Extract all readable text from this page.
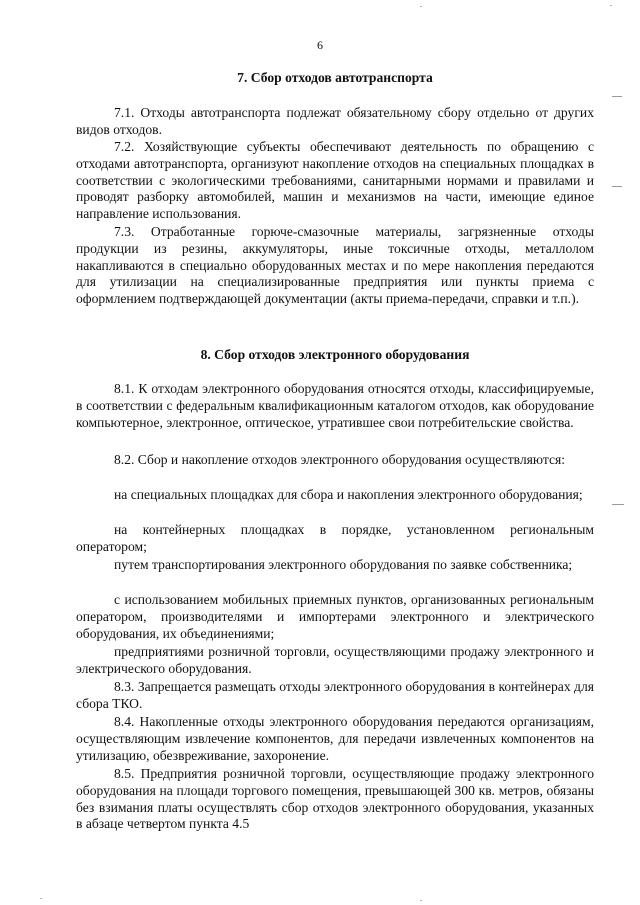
6
7. Сбор отходов автотранспорта

7.1. Отходы автотранспорта подлежат обязательному сбору отдельно от других видов отходов.

7.2. Хозяйствующие субъекты обеспечивают деятельность по обращению с отходами автотранспорта, организуют накопление отходов на специальных площадках в соответствии с экологическими требованиями, санитарными нормами и правилами и проводят разборку автомобилей, машин и механизмов на части, имеющие единое направление использования.

7.3. Отработанные горюче-смазочные материалы, загрязненные отходы продукции из резины, аккумуляторы, иные токсичные отходы, металлолом накапливаются в специально оборудованных местах и по мере накопления передаются для утилизации на специализированные предприятия или пункты приема с оформлением подтверждающей документации (акты приема-передачи, справки и т.п.).

8. Сбор отходов электронного оборудования

8.1. К отходам электронного оборудования относятся отходы, классифицируемые, в соответствии с федеральным квалификационным каталогом отходов, как оборудование компьютерное, электронное, оптическое, утратившее свои потребительские свойства.

8.2. Сбор и накопление отходов электронного оборудования осуществляются:

на специальных площадках для сбора и накопления электронного оборудования;

на контейнерных площадках в порядке, установленном региональным оператором;

путем транспортирования электронного оборудования по заявке собственника;

с использованием мобильных приемных пунктов, организованных региональным оператором, производителями и импортерами электронного и электрического оборудования, их объединениями;

предприятиями розничной торговли, осуществляющими продажу электронного и электрического оборудования.

8.3. Запрещается размещать отходы электронного оборудования в контейнерах для сбора ТКО.

8.4. Накопленные отходы электронного оборудования передаются организациям, осуществляющим извлечение компонентов, для передачи извлеченных компонентов на утилизацию, обезвреживание, захоронение.

8.5. Предприятия розничной торговли, осуществляющие продажу электронного оборудования на площади торгового помещения, превышающей 300 кв. метров, обязаны без взимания платы осуществлять сбор отходов электронного оборудования, указанных в абзаце четвертом пункта 4.5
